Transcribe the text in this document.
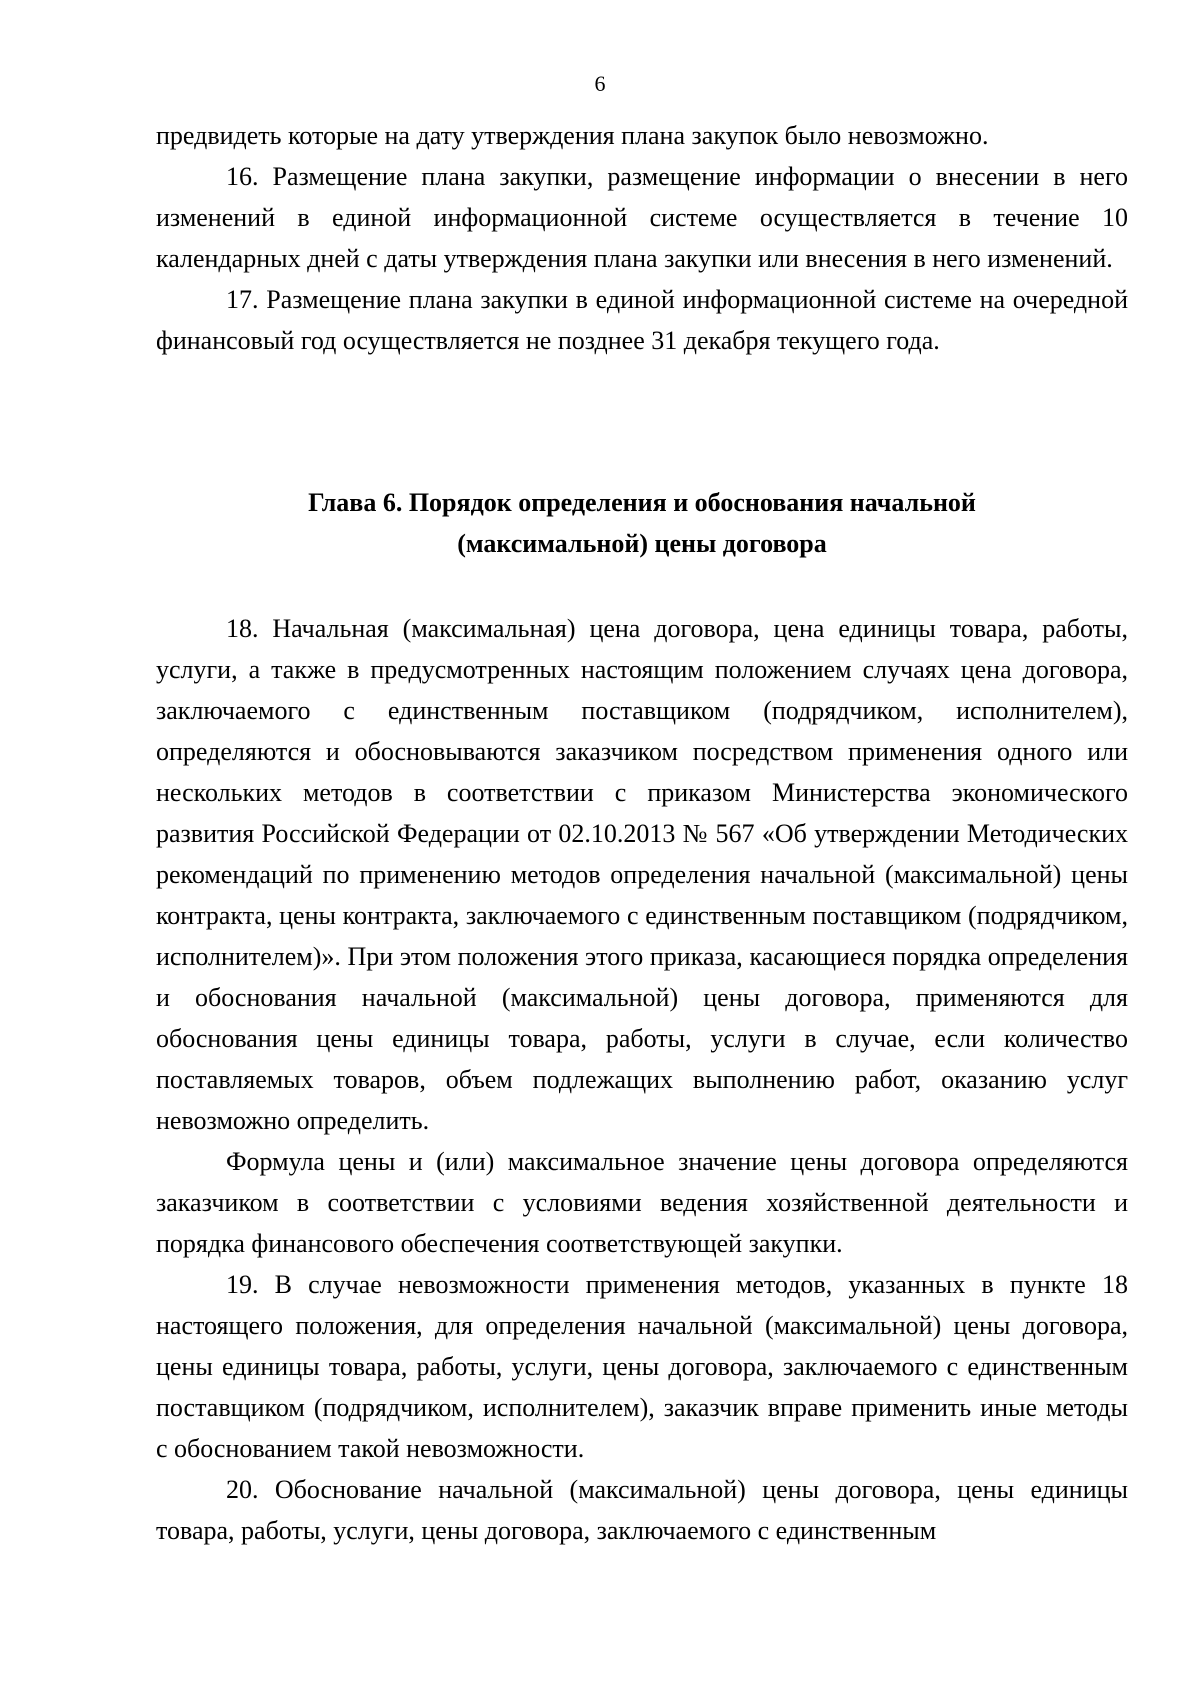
6

предвидеть которые на дату утверждения плана закупок было невозможно.

16. Размещение плана закупки, размещение информации о внесении в него изменений в единой информационной системе осуществляется в течение 10 календарных дней с даты утверждения плана закупки или внесения в него изменений.

17. Размещение плана закупки в единой информационной системе на очередной финансовый год осуществляется не позднее 31 декабря текущего года.

Глава 6. Порядок определения и обоснования начальной
(максимальной) цены договора

18. Начальная (максимальная) цена договора, цена единицы товара, работы, услуги, а также в предусмотренных настоящим положением случаях цена договора, заключаемого с единственным поставщиком (подрядчиком, исполнителем), определяются и обосновываются заказчиком посредством применения одного или нескольких методов в соответствии с приказом Министерства экономического развития Российской Федерации от 02.10.2013 № 567 «Об утверждении Методических рекомендаций по применению методов определения начальной (максимальной) цены контракта, цены контракта, заключаемого с единственным поставщиком (подрядчиком, исполнителем)». При этом положения этого приказа, касающиеся порядка определения и обоснования начальной (максимальной) цены договора, применяются для обоснования цены единицы товара, работы, услуги в случае, если количество поставляемых товаров, объем подлежащих выполнению работ, оказанию услуг невозможно определить.

Формула цены и (или) максимальное значение цены договора определяются заказчиком в соответствии с условиями ведения хозяйственной деятельности и порядка финансового обеспечения соответствующей закупки.

19. В случае невозможности применения методов, указанных в пункте 18 настоящего положения, для определения начальной (максимальной) цены договора, цены единицы товара, работы, услуги, цены договора, заключаемого с единственным поставщиком (подрядчиком, исполнителем), заказчик вправе применить иные методы с обоснованием такой невозможности.

20. Обоснование начальной (максимальной) цены договора, цены единицы товара, работы, услуги, цены договора, заключаемого с единственным
